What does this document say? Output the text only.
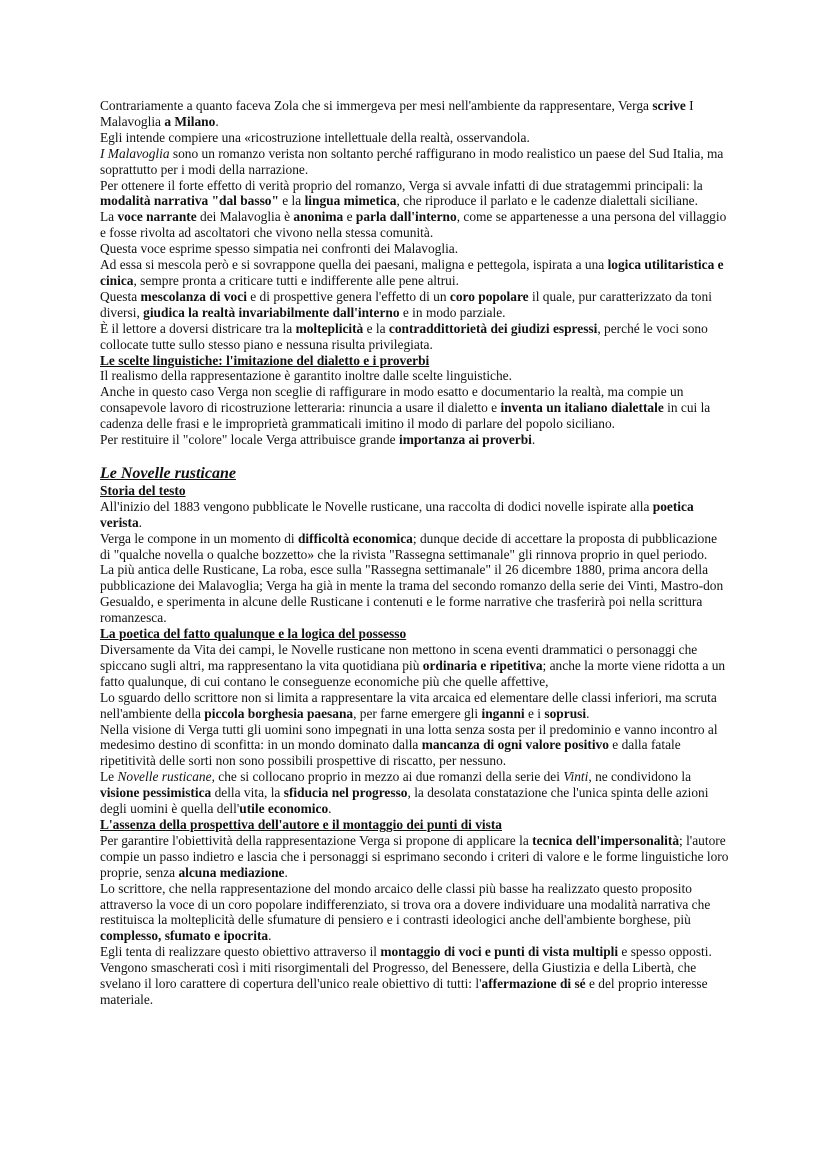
Contrariamente a quanto faceva Zola che si immergeva per mesi nell'ambiente da rappresentare, Verga scrive I Malavoglia a Milano.

Egli intende compiere una «ricostruzione intellettuale della realtà, osservandola.

I Malavoglia sono un romanzo verista non soltanto perché raffigurano in modo realistico un paese del Sud Italia, ma soprattutto per i modi della narrazione.

Per ottenere il forte effetto di verità proprio del romanzo, Verga si avvale infatti di due stratagemmi principali: la modalità narrativa "dal basso" e la lingua mimetica, che riproduce il parlato e le cadenze dialettali siciliane.

La voce narrante dei Malavoglia è anonima e parla dall'interno, come se appartenesse a una persona del villaggio e fosse rivolta ad ascoltatori che vivono nella stessa comunità.

Questa voce esprime spesso simpatia nei confronti dei Malavoglia.

Ad essa si mescola però e si sovrappone quella dei paesani, maligna e pettegola, ispirata a una logica utilitaristica e cinica, sempre pronta a criticare tutti e indifferente alle pene altrui.

Questa mescolanza di voci e di prospettive genera l'effetto di un coro popolare il quale, pur caratterizzato da toni diversi, giudica la realtà invariabilmente dall'interno e in modo parziale.

È il lettore a doversi districare tra la molteplicità e la contraddittorietà dei giudizi espressi, perché le voci sono collocate tutte sullo stesso piano e nessuna risulta privilegiata.

Le scelte linguistiche: l'imitazione del dialetto e i proverbi

Il realismo della rappresentazione è garantito inoltre dalle scelte linguistiche.

Anche in questo caso Verga non sceglie di raffigurare in modo esatto e documentario la realtà, ma compie un consapevole lavoro di ricostruzione letteraria: rinuncia a usare il dialetto e inventa un italiano dialettale in cui la cadenza delle frasi e le improprietà grammaticali imitino il modo di parlare del popolo siciliano.

Per restituire il "colore" locale Verga attribuisce grande importanza ai proverbi.

Le Novelle rusticane

Storia del testo

All'inizio del 1883 vengono pubblicate le Novelle rusticane, una raccolta di dodici novelle ispirate alla poetica verista.

Verga le compone in un momento di difficoltà economica; dunque decide di accettare la proposta di pubblicazione di "qualche novella o qualche bozzetto» che la rivista "Rassegna settimanale" gli rinnova proprio in quel periodo.

La più antica delle Rusticane, La roba, esce sulla "Rassegna settimanale" il 26 dicembre 1880, prima ancora della pubblicazione dei Malavoglia; Verga ha già in mente la trama del secondo romanzo della serie dei Vinti, Mastro-don Gesualdo, e sperimenta in alcune delle Rusticane i contenuti e le forme narrative che trasferirà poi nella scrittura romanzesca.

La poetica del fatto qualunque e la logica del possesso

Diversamente da Vita dei campi, le Novelle rusticane non mettono in scena eventi drammatici o personaggi che spiccano sugli altri, ma rappresentano la vita quotidiana più ordinaria e ripetitiva; anche la morte viene ridotta a un fatto qualunque, di cui contano le conseguenze economiche più che quelle affettive,

Lo sguardo dello scrittore non si limita a rappresentare la vita arcaica ed elementare delle classi inferiori, ma scruta nell'ambiente della piccola borghesia paesana, per farne emergere gli inganni e i soprusi.

Nella visione di Verga tutti gli uomini sono impegnati in una lotta senza sosta per il predominio e vanno incontro al medesimo destino di sconfitta: in un mondo dominato dalla mancanza di ogni valore positivo e dalla fatale ripetitività delle sorti non sono possibili prospettive di riscatto, per nessuno.

Le Novelle rusticane, che si collocano proprio in mezzo ai due romanzi della serie dei Vinti, ne condividono la visione pessimistica della vita, la sfiducia nel progresso, la desolata constatazione che l'unica spinta delle azioni degli uomini è quella dell'utile economico.

L'assenza della prospettiva dell'autore e il montaggio dei punti di vista

Per garantire l'obiettività della rappresentazione Verga si propone di applicare la tecnica dell'impersonalità; l'autore compie un passo indietro e lascia che i personaggi si esprimano secondo i criteri di valore e le forme linguistiche loro proprie, senza alcuna mediazione.

Lo scrittore, che nella rappresentazione del mondo arcaico delle classi più basse ha realizzato questo proposito attraverso la voce di un coro popolare indifferenziato, si trova ora a dovere individuare una modalità narrativa che restituisca la molteplicità delle sfumature di pensiero e i contrasti ideologici anche dell'ambiente borghese, più complesso, sfumato e ipocrita.

Egli tenta di realizzare questo obiettivo attraverso il montaggio di voci e punti di vista multipli e spesso opposti.

Vengono smascherati così i miti risorgimentali del Progresso, del Benessere, della Giustizia e della Libertà, che svelano il loro carattere di copertura dell'unico reale obiettivo di tutti: l'affermazione di sé e del proprio interesse materiale.
